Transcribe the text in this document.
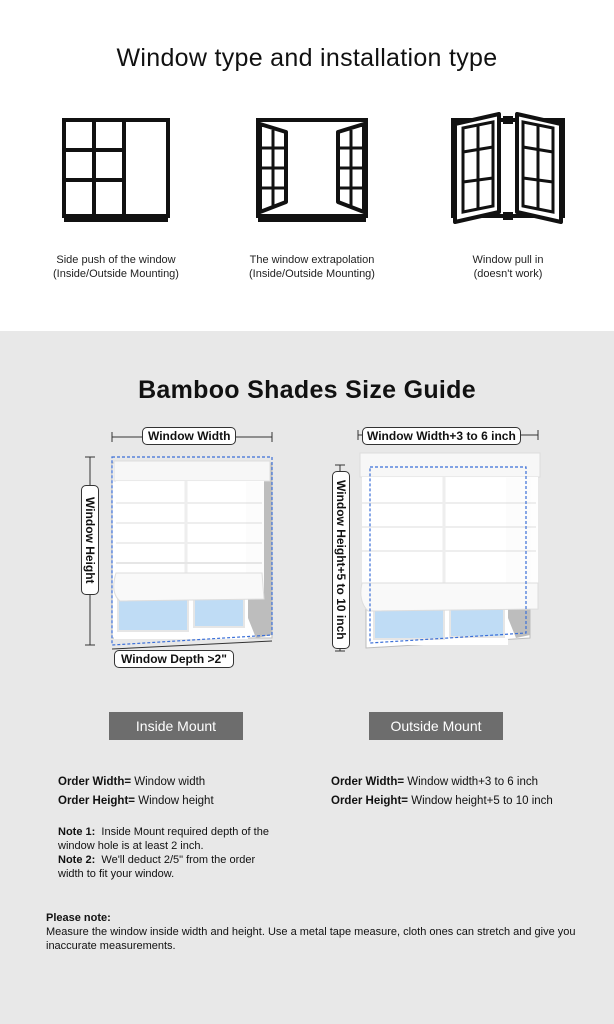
Window type and installation type
Side push of the window
(Inside/Outside Mounting)
The window extrapolation
(Inside/Outside Mounting)
Window pull in
(doesn't work)
Bamboo Shades Size Guide
Window Width
Window Height
Window Depth >2"
Window Width+3 to 6 inch
Window Height+5 to 10 inch
Inside Mount	Outside Mount
Order Width= Window width
Order Height= Window height
Order Width= Window width+3 to 6 inch
Order Height= Window height+5 to 10 inch
Note 1:  Inside Mount required depth of the
window hole is at least 2 inch.
Note 2:  We'll deduct 2/5" from the order
width to fit your window.
Please note:
Measure the window inside width and height. Use a metal tape measure, cloth ones can stretch and give you inaccurate measurements.
